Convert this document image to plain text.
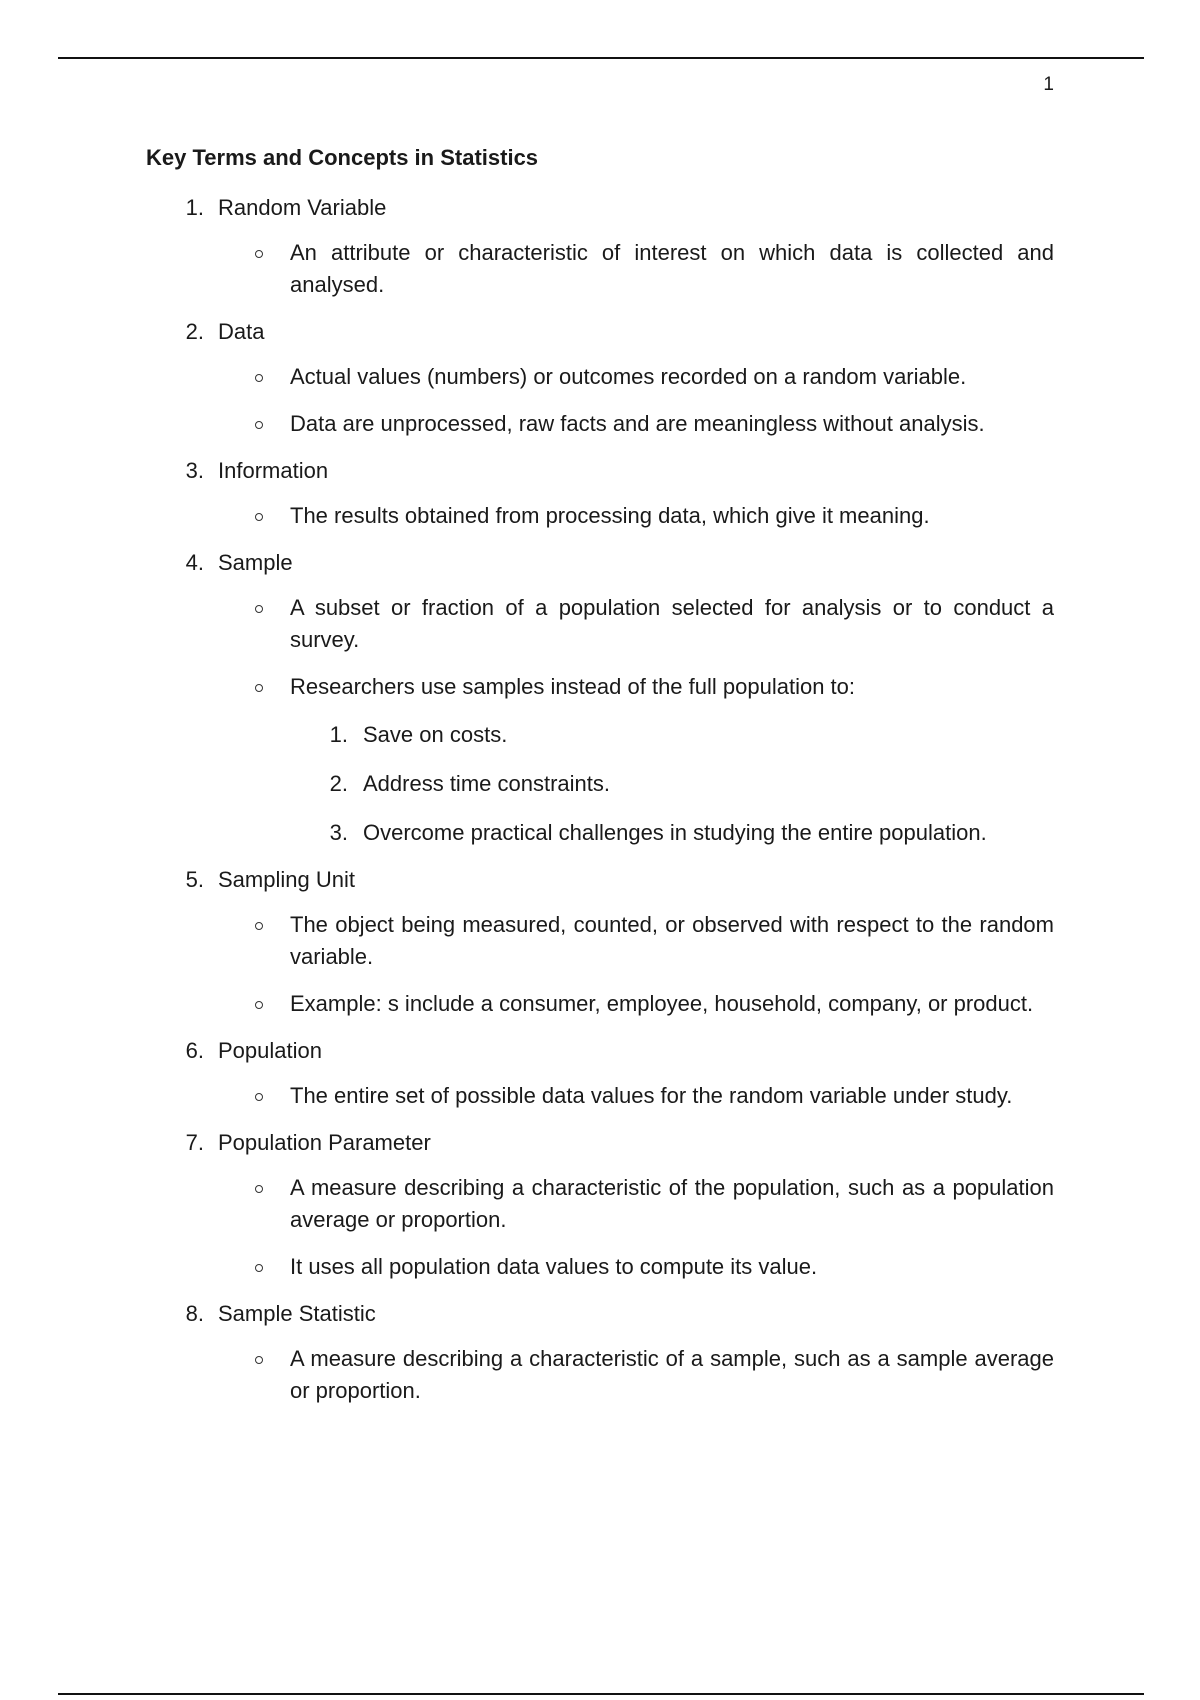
1
Key Terms and Concepts in Statistics
1. Random Variable
An attribute or characteristic of interest on which data is collected and analysed.
2. Data
Actual values (numbers) or outcomes recorded on a random variable.
Data are unprocessed, raw facts and are meaningless without analysis.
3. Information
The results obtained from processing data, which give it meaning.
4. Sample
A subset or fraction of a population selected for analysis or to conduct a survey.
Researchers use samples instead of the full population to:
1. Save on costs.
2. Address time constraints.
3. Overcome practical challenges in studying the entire population.
5. Sampling Unit
The object being measured, counted, or observed with respect to the random variable.
Example: s include a consumer, employee, household, company, or product.
6. Population
The entire set of possible data values for the random variable under study.
7. Population Parameter
A measure describing a characteristic of the population, such as a population average or proportion.
It uses all population data values to compute its value.
8. Sample Statistic
A measure describing a characteristic of a sample, such as a sample average or proportion.
